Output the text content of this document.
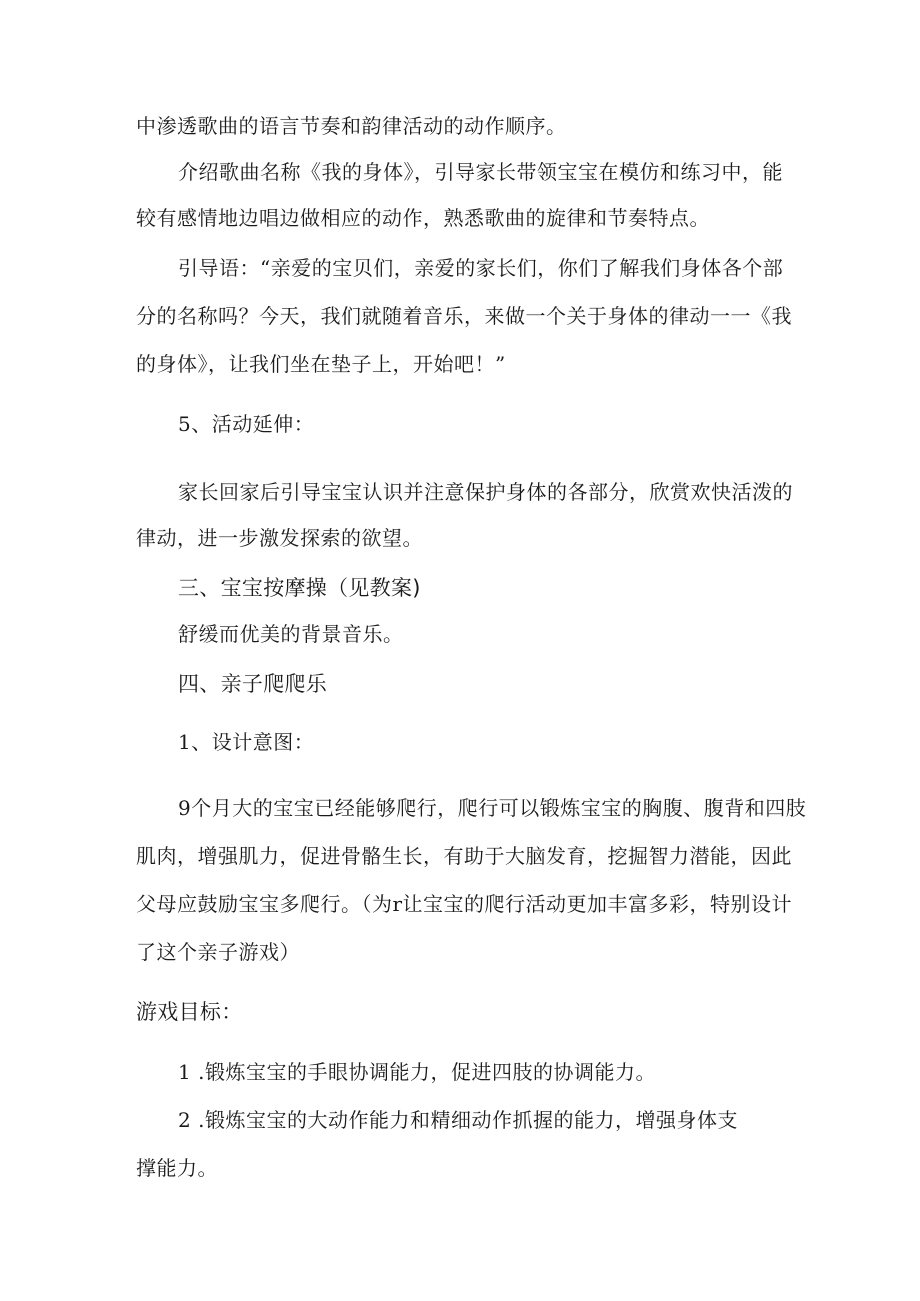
中渗透歌曲的语言节奏和韵律活动的动作顺序。

介绍歌曲名称《我的身体》，引导家长带领宝宝在模仿和练习中，能

较有感情地边唱边做相应的动作，熟悉歌曲的旋律和节奏特点。

引导语：“亲爱的宝贝们，亲爱的家长们，你们了解我们身体各个部

分的名称吗？今天，我们就随着音乐，来做一个关于身体的律动一一《我

的身体》，让我们坐在垫子上，开始吧！”

5、活动延伸：

家长回家后引导宝宝认识并注意保护身体的各部分，欣赏欢快活泼的

律动，进一步激发探索的欲望。

三、宝宝按摩操（见教案)

舒缓而优美的背景音乐。

四、亲子爬爬乐

1、设计意图：

9个月大的宝宝已经能够爬行，爬行可以锻炼宝宝的胸腹、腹背和四肢

肌肉，增强肌力，促进骨骼生长，有助于大脑发育，挖掘智力潜能，因此

父母应鼓励宝宝多爬行。（为r让宝宝的爬行活动更加丰富多彩，特别设计

了这个亲子游戏）

游戏目标：

1 .锻炼宝宝的手眼协调能力，促进四肢的协调能力。

2 .锻炼宝宝的大动作能力和精细动作抓握的能力，增强身体支

撑能力。
